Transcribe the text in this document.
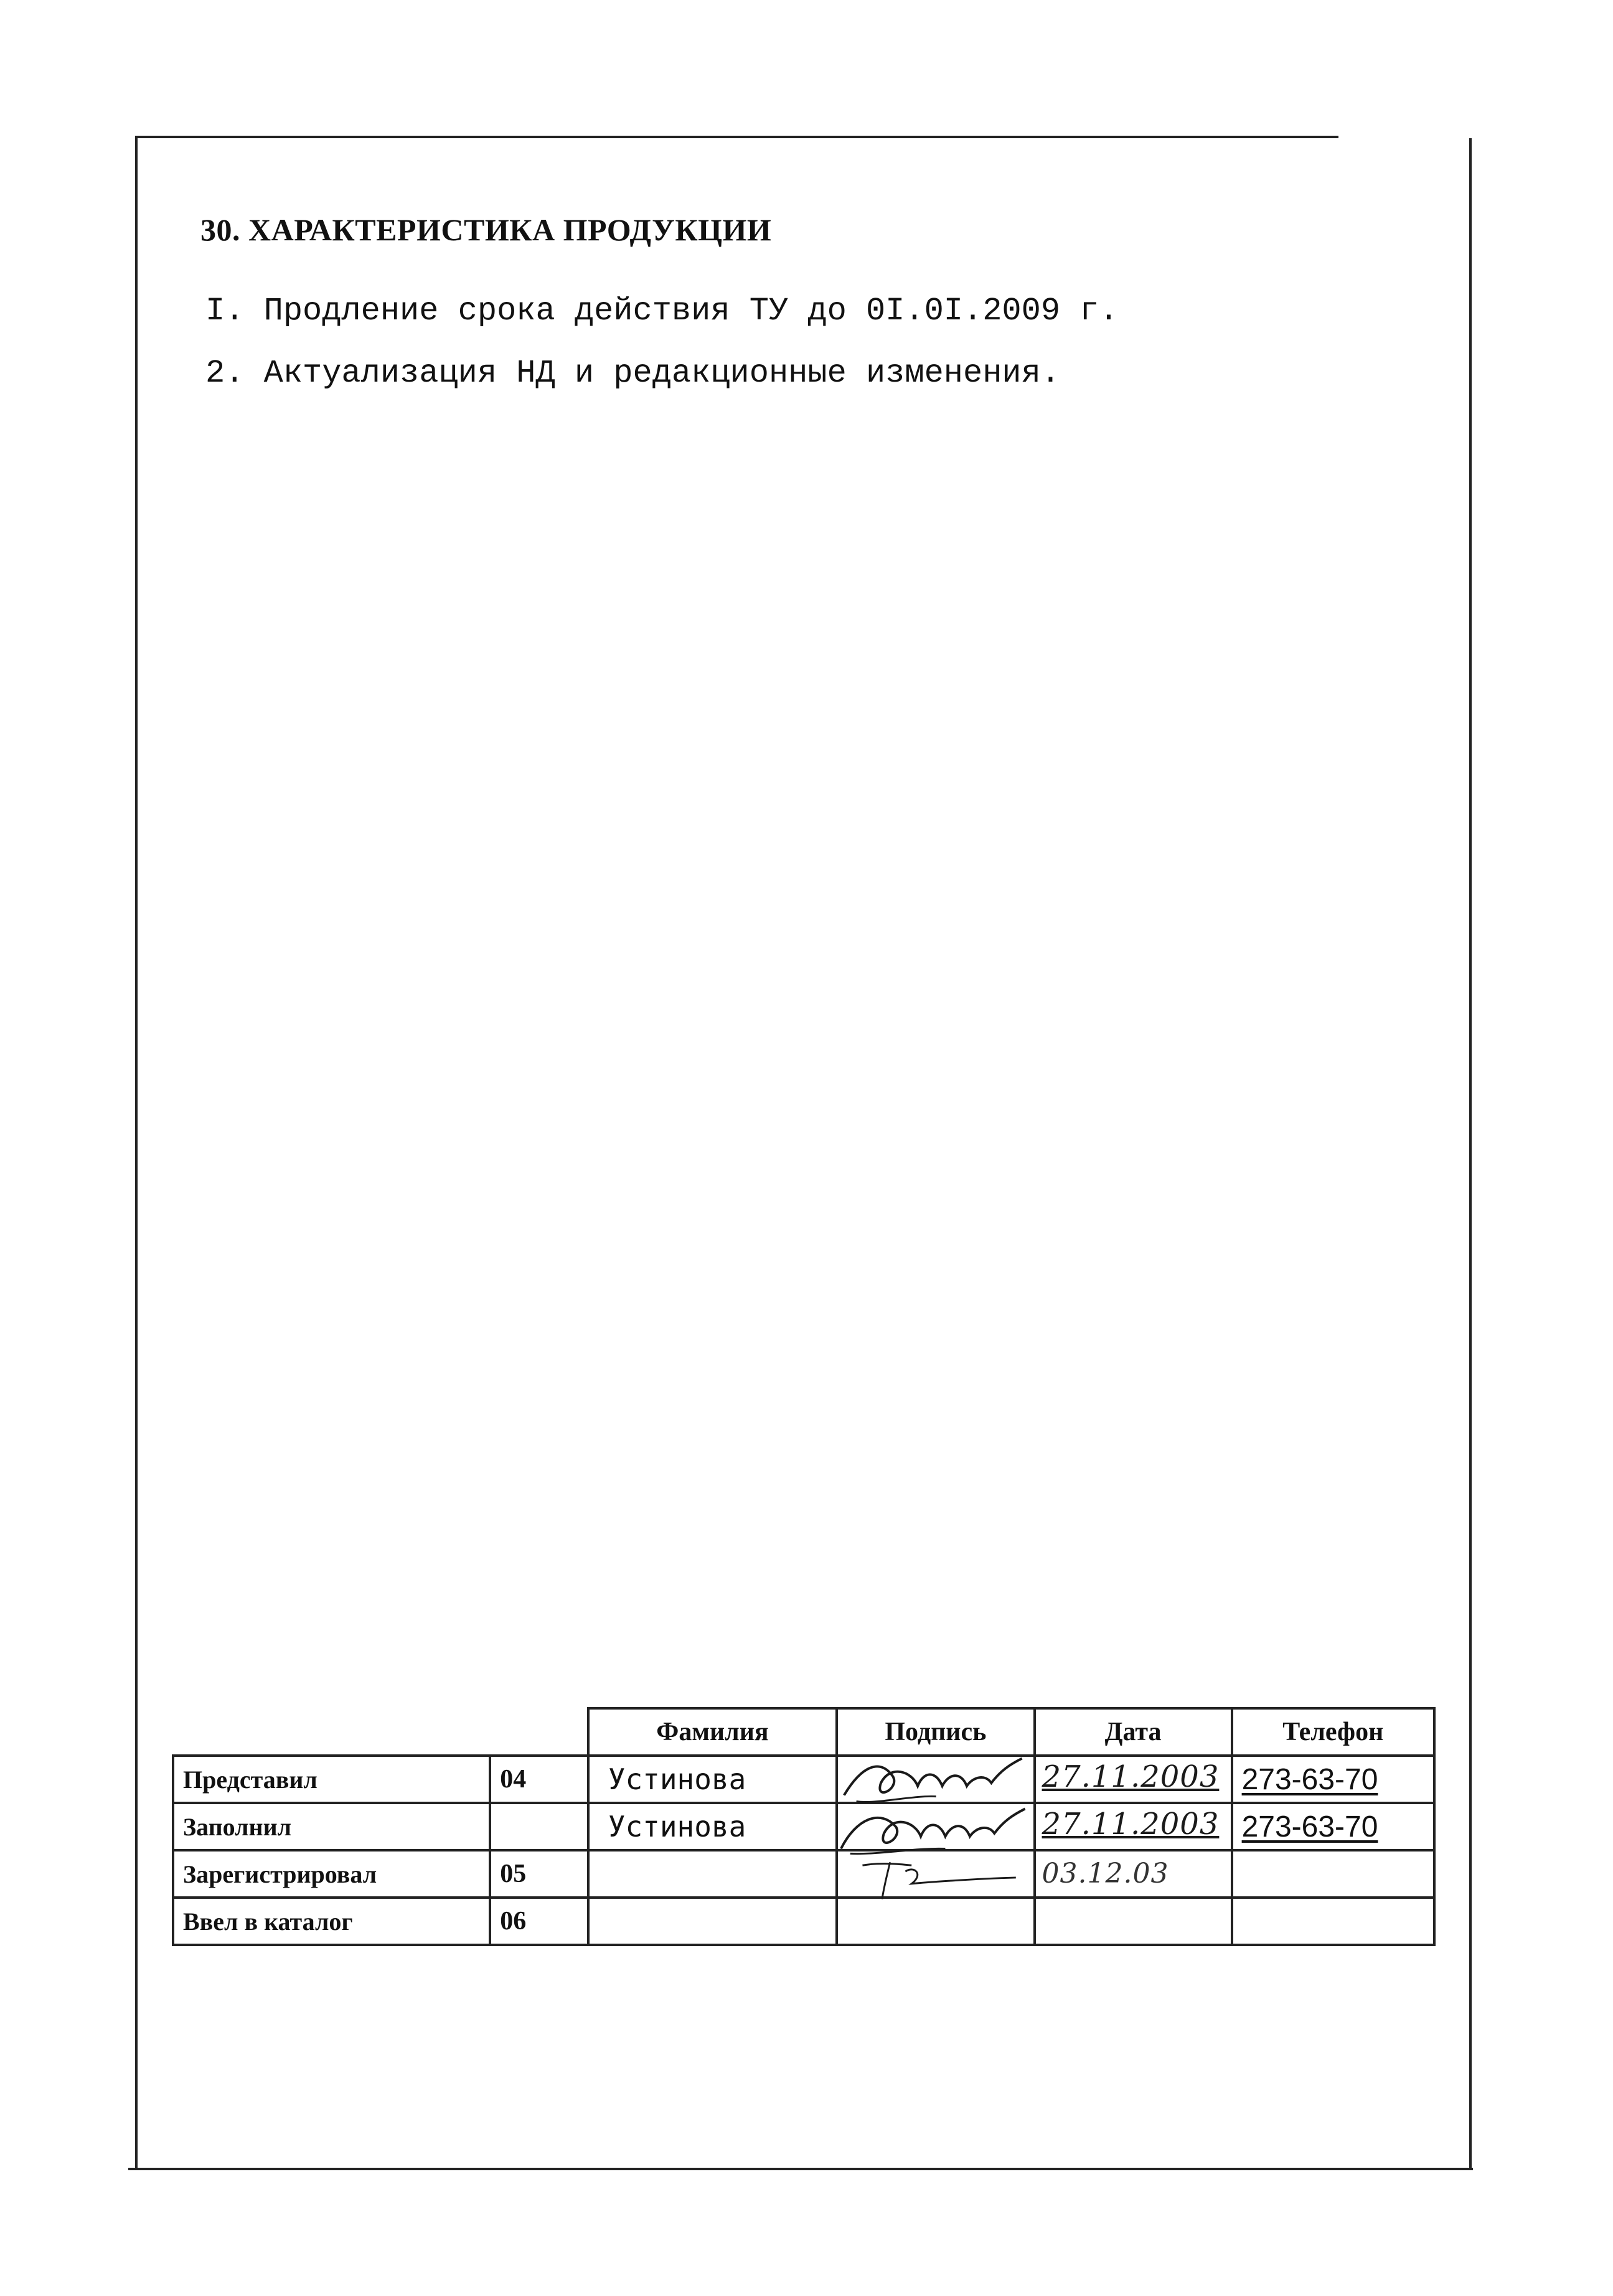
30. ХАРАКТЕРИСТИКА ПРОДУКЦИИ
I. Продление срока действия ТУ до 0I.0I.2009 г.
2. Актуализация НД и редакционные изменения.
		Фамилия	Подпись	Дата	Телефон
Представил	04	Устинова		27.11.2003	273-63-70
Заполнил		Устинова		27.11.2003	273-63-70
Зарегистрировал	05			03.12.03	

Ввел в каталог	06			
